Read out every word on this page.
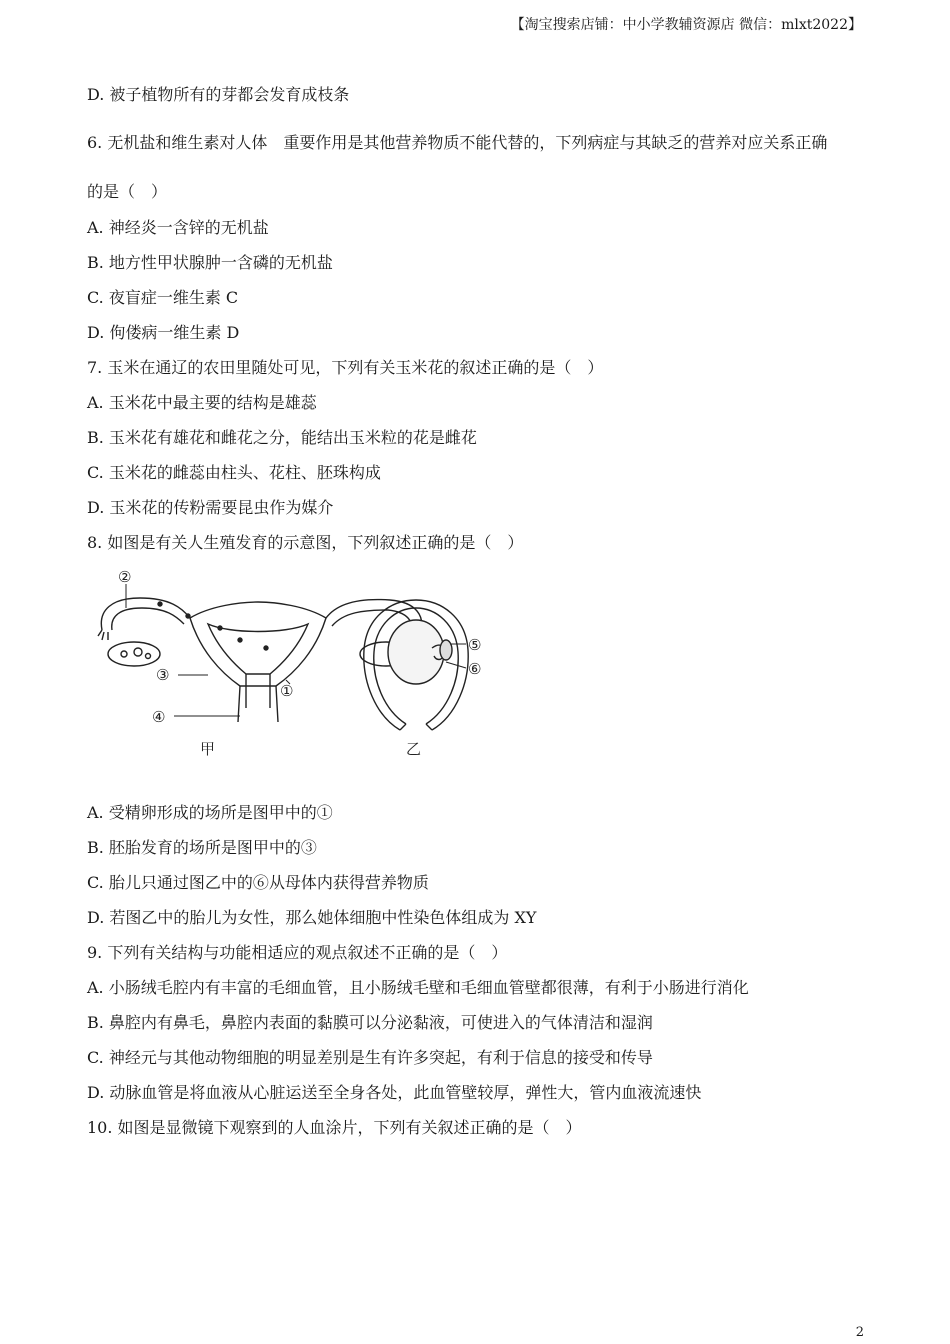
【淘宝搜索店铺：中小学教辅资源店 微信：mlxt2022】
D. 被子植物所有的芽都会发育成枝条
6. 无机盐和维生素对人体　重要作用是其他营养物质不能代替的，下列病症与其缺乏的营养对应关系正确
的是（　）
A. 神经炎一含锌的无机盐
B. 地方性甲状腺肿一含磷的无机盐
C. 夜盲症一维生素 C
D. 佝偻病一维生素 D
7. 玉米在通辽的农田里随处可见，下列有关玉米花的叙述正确的是（　）
A. 玉米花中最主要的结构是雄蕊
B. 玉米花有雄花和雌花之分，能结出玉米粒的花是雌花
C. 玉米花的雌蕊由柱头、花柱、胚珠构成
D. 玉米花的传粉需要昆虫作为媒介
8. 如图是有关人生殖发育的示意图，下列叙述正确的是（　）
②
③
①
④
甲
⑤
⑥
乙
A. 受精卵形成的场所是图甲中的①
B. 胚胎发育的场所是图甲中的③
C. 胎儿只通过图乙中的⑥从母体内获得营养物质
D. 若图乙中的胎儿为女性，那么她体细胞中性染色体组成为 XY
9. 下列有关结构与功能相适应的观点叙述不正确的是（　）
A. 小肠绒毛腔内有丰富的毛细血管，且小肠绒毛壁和毛细血管壁都很薄，有利于小肠进行消化
B. 鼻腔内有鼻毛，鼻腔内表面的黏膜可以分泌黏液，可使进入的气体清洁和湿润
C. 神经元与其他动物细胞的明显差别是生有许多突起，有利于信息的接受和传导
D. 动脉血管是将血液从心脏运送至全身各处，此血管壁较厚，弹性大，管内血液流速快
10. 如图是显微镜下观察到的人血涂片，下列有关叙述正确的是（　）
2
